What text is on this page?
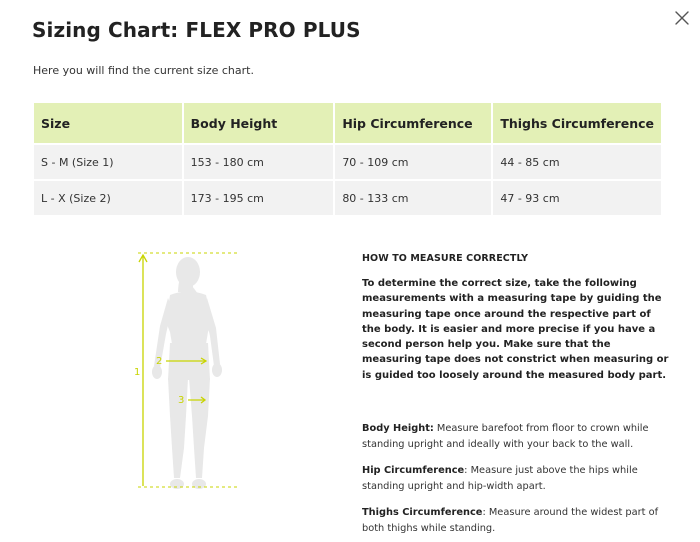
Sizing Chart: FLEX PRO PLUS

Here you will find the current size chart.

Size	Body Height	Hip Circumference	Thighs Circumference
S - M (Size 1)	153 - 180 cm	70 - 109 cm	44 - 85 cm
L - X (Size 2)	173 - 195 cm	80 - 133 cm	47 - 93 cm
1
2
3
HOW TO MEASURE CORRECTLY

To determine the correct size, take the following measurements with a measuring tape by guiding the measuring tape once around the respective part of the body. It is easier and more precise if you have a second person help you. Make sure that the measuring tape does not constrict when measuring or is guided too loosely around the measured body part.

Body Height: Measure barefoot from floor to crown while standing upright and ideally with your back to the wall.

Hip Circumference: Measure just above the hips while standing upright and hip-width apart.

Thighs Circumference: Measure around the widest part of both thighs while standing.
